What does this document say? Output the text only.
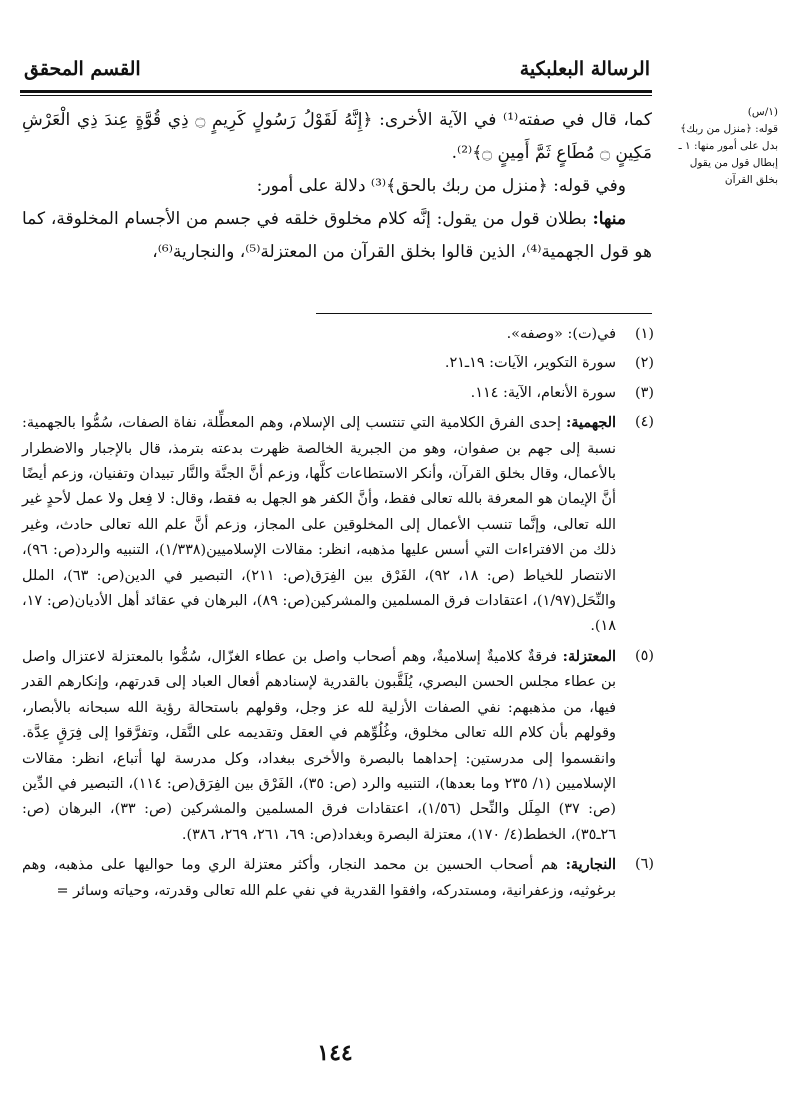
الرسالة البعلبكية
القسم المحقق
(١/س)
قوله: ﴿منزل من ربك﴾ بدل على أمور منها: ١ ـ إبطال قول من يقول بخلق القرآن

كما، قال في صفته⁽¹⁾ في الآية الأخرى: ﴿إِنَّهُ لَقَوْلُ رَسُولٍ كَرِيمٍ ۝ ذِي قُوَّةٍ عِندَ ذِي الْعَرْشِ مَكِينٍ ۝ مُطَاعٍ ثَمَّ أَمِينٍ ۝﴾⁽²⁾.

وفي قوله: ﴿منزل من ربك بالحق﴾⁽³⁾ دلالة على أمور:

منها: بطلان قول من يقول: إنَّه كلام مخلوق خلقه في جسم من الأجسام المخلوقة، كما هو قول الجهمية⁽⁴⁾، الذين قالوا بخلق القرآن من المعتزلة⁽⁵⁾، والنجارية⁽⁶⁾،

(١)
في(ت): «وصفه».
(٢)
سورة التكوير، الآيات: ١٩ـ٢١.
(٣)
سورة الأنعام، الآية: ١١٤.
(٤)
الجهمية: إحدى الفرق الكلامية التي تنتسب إلى الإسلام، وهم المعطِّلة، نفاة الصفات، سُمُّوا بالجهمية: نسبة إلى جهم بن صفوان، وهو من الجبرية الخالصة ظهرت بدعته بترمذ، قال بالإجبار والاضطرار بالأعمال، وقال بخلق القرآن، وأنكر الاستطاعات كلَّها، وزعم أنَّ الجنَّة والنَّار تبيدان وتفنيان، وزعم أيضًا أنَّ الإيمان هو المعرفة بالله تعالى فقط، وأنَّ الكفر هو الجهل به فقط، وقال: لا فِعل ولا عمل لأحدٍ غير الله تعالى، وإنَّما تنسب الأعمال إلى المخلوقين على المجاز، وزعم أنَّ علم الله تعالى حادث، وغير ذلك من الافتراءات التي أسس عليها مذهبه، انظر: مقالات الإسلاميين(١/٣٣٨)، التنبيه والرد(ص: ٩٦)، الانتصار للخياط (ص: ١٨، ٩٢)، الفَرْق بين الفِرَق(ص: ٢١١)، التبصير في الدين(ص: ٦٣)، الملل والنِّحَل(١/٩٧)، اعتقادات فرق المسلمين والمشركين(ص: ٨٩)، البرهان في عقائد أهل الأديان(ص: ١٧، ١٨).
(٥)
المعتزلة: فرقةٌ كلاميةٌ إسلاميةٌ، وهم أصحاب واصل بن عطاء الغزّال، سُمُّوا بالمعتزلة لاعتزال واصل بن عطاء مجلس الحسن البصري، يُلَقَّبون بالقدرية لإسنادهم أفعال العباد إلى قدرتهم، وإنكارهم القدر فيها، من مذهبهم: نفي الصفات الأزلية لله عز وجل، وقولهم باستحالة رؤية الله سبحانه بالأبصار، وقولهم بأن كلام الله تعالى مخلوق، وغُلُوِّهم في العقل وتقديمه على النَّقل، وتفرَّقوا إلى فِرَقٍ عِدَّة. وانقسموا إلى مدرستين: إحداهما بالبصرة والأخرى ببغداد، وكل مدرسة لها أتباع، انظر: مقالات الإسلاميين (١/ ٢٣٥ وما بعدها)، التنبيه والرد (ص: ٣٥)، الفَرْق بين الفِرَق(ص: ١١٤)، التبصير في الدِّين (ص: ٣٧) المِلَل والنِّحل (١/٥٦)، اعتقادات فرق المسلمين والمشركين (ص: ٣٣)، البرهان (ص: ٢٦ـ٣٥)، الخطط(٤/ ١٧٠)، معتزلة البصرة وبغداد(ص: ٦٩، ٢٦١، ٢٦٩، ٣٨٦).
(٦)
النجارية: هم أصحاب الحسين بن محمد النجار، وأكثر معتزلة الري وما حواليها على مذهبه، وهم برغوثيه، وزعفرانية، ومستدركه، وافقوا القدرية في نفي علم الله تعالى وقدرته، وحياته وسائر =
١٤٤
